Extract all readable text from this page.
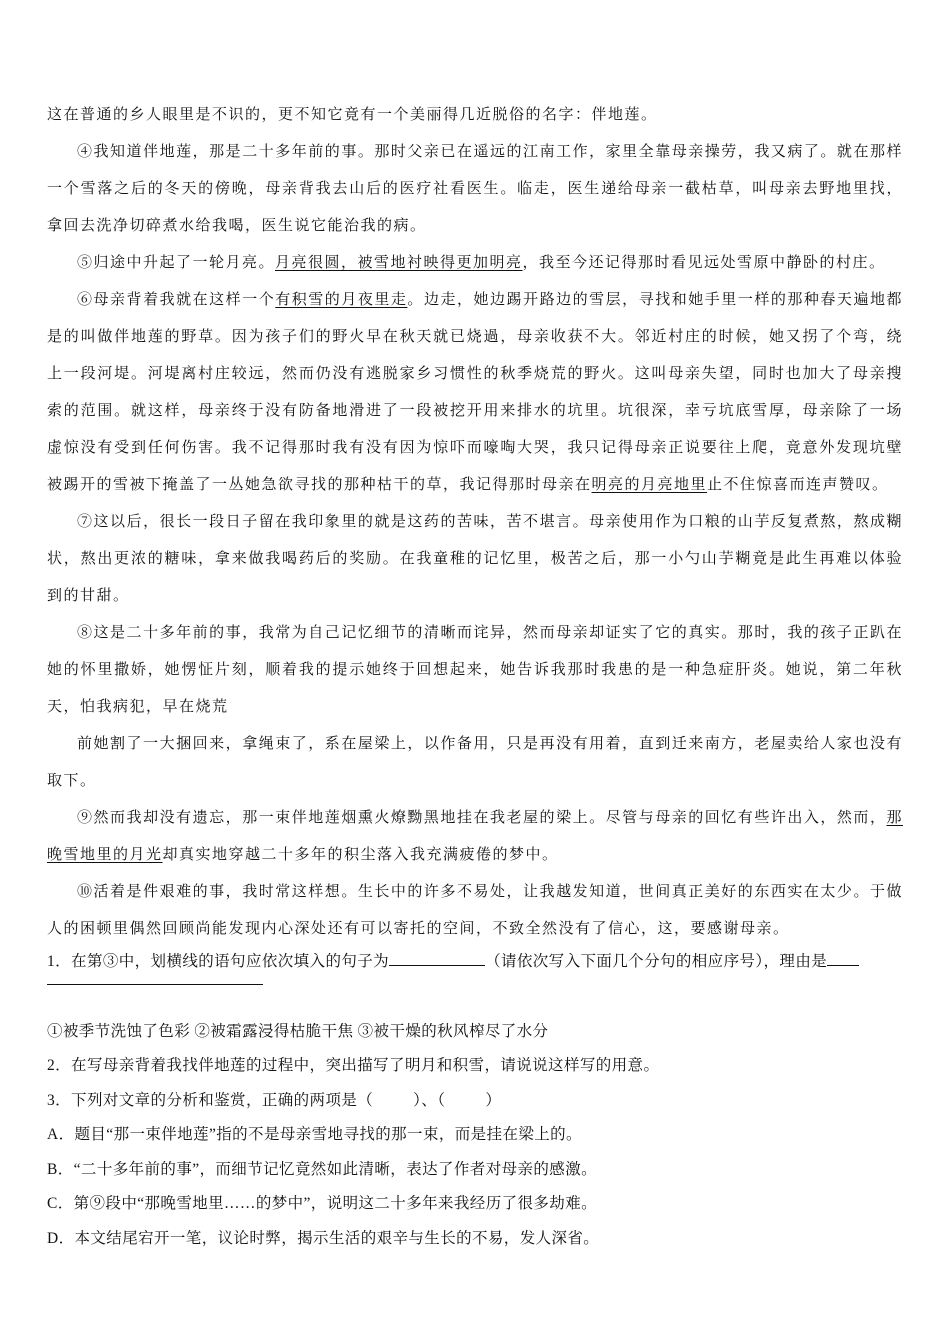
这在普通的乡人眼里是不识的，更不知它竟有一个美丽得几近脱俗的名字：伴地莲。

④我知道伴地莲，那是二十多年前的事。那时父亲已在遥远的江南工作，家里全靠母亲操劳，我又病了。就在那样一个雪落之后的冬天的傍晚，母亲背我去山后的医疗社看医生。临走，医生递给母亲一截枯草，叫母亲去野地里找，拿回去洗净切碎煮水给我喝，医生说它能治我的病。

⑤归途中升起了一轮月亮。月亮很圆，被雪地衬映得更加明亮，我至今还记得那时看见远处雪原中静卧的村庄。

⑥母亲背着我就在这样一个有积雪的月夜里走。边走，她边踢开路边的雪层，寻找和她手里一样的那种春天遍地都是的叫做伴地莲的野草。因为孩子们的野火早在秋天就已烧過，母亲收获不大。邻近村庄的时候，她又拐了个弯，绕上一段河堤。河堤离村庄较远，然而仍没有逃脱家乡习惯性的秋季烧荒的野火。这叫母亲失望，同时也加大了母亲搜索的范围。就这样，母亲终于没有防备地滑进了一段被挖开用来排水的坑里。坑很深，幸亏坑底雪厚，母亲除了一场虚惊没有受到任何伤害。我不记得那时我有没有因为惊吓而嚎啕大哭，我只记得母亲正说要往上爬，竟意外发现坑壁被踢开的雪被下掩盖了一丛她急欲寻找的那种枯干的草，我记得那时母亲在明亮的月亮地里止不住惊喜而连声赞叹。

⑦这以后，很长一段日子留在我印象里的就是这药的苦味，苦不堪言。母亲使用作为口粮的山芋反复煮熬，熬成糊状，熬出更浓的糖味，拿来做我喝药后的奖励。在我童稚的记忆里，极苦之后，那一小勺山芋糊竟是此生再难以体验到的甘甜。

⑧这是二十多年前的事，我常为自己记忆细节的清晰而诧异，然而母亲却证实了它的真实。那时，我的孩子正趴在她的怀里撒娇，她愣怔片刻，顺着我的提示她终于回想起来，她告诉我那时我患的是一种急症肝炎。她说，第二年秋天，怕我病犯，早在烧荒

前她割了一大捆回来，拿绳束了，系在屋梁上，以作备用，只是再没有用着，直到迁来南方，老屋卖给人家也没有取下。

⑨然而我却没有遗忘，那一束伴地莲烟熏火燎黝黑地挂在我老屋的梁上。尽管与母亲的回忆有些许出入，然而，那晚雪地里的月光却真实地穿越二十多年的积尘落入我充满疲倦的梦中。

⑩活着是件艰难的事，我时常这样想。生长中的许多不易处，让我越发知道，世间真正美好的东西实在太少。于做人的困顿里偶然回顾尚能发现内心深处还有可以寄托的空间，不致全然没有了信心，这，要感谢母亲。

1．在第③中，划横线的语句应依次填入的句子为	（请依次写入下面几个分句的相应序号），理由是

①被季节洗蚀了色彩 ②被霜露浸得枯脆干焦 ③被干燥的秋风榨尽了水分

2．在写母亲背着我找伴地莲的过程中，突出描写了明月和积雪，请说说这样写的用意。

3．下列对文章的分析和鉴赏，正确的两项是（	）、（	）

A．题目“那一束伴地莲”指的不是母亲雪地寻找的那一束，而是挂在梁上的。

B．“二十多年前的事”，而细节记忆竟然如此清晰，表达了作者对母亲的感激。

C．第⑨段中“那晚雪地里……的梦中”，说明这二十多年来我经历了很多劫难。

D．本文结尾宕开一笔，议论时弊，揭示生活的艰辛与生长的不易，发人深省。
